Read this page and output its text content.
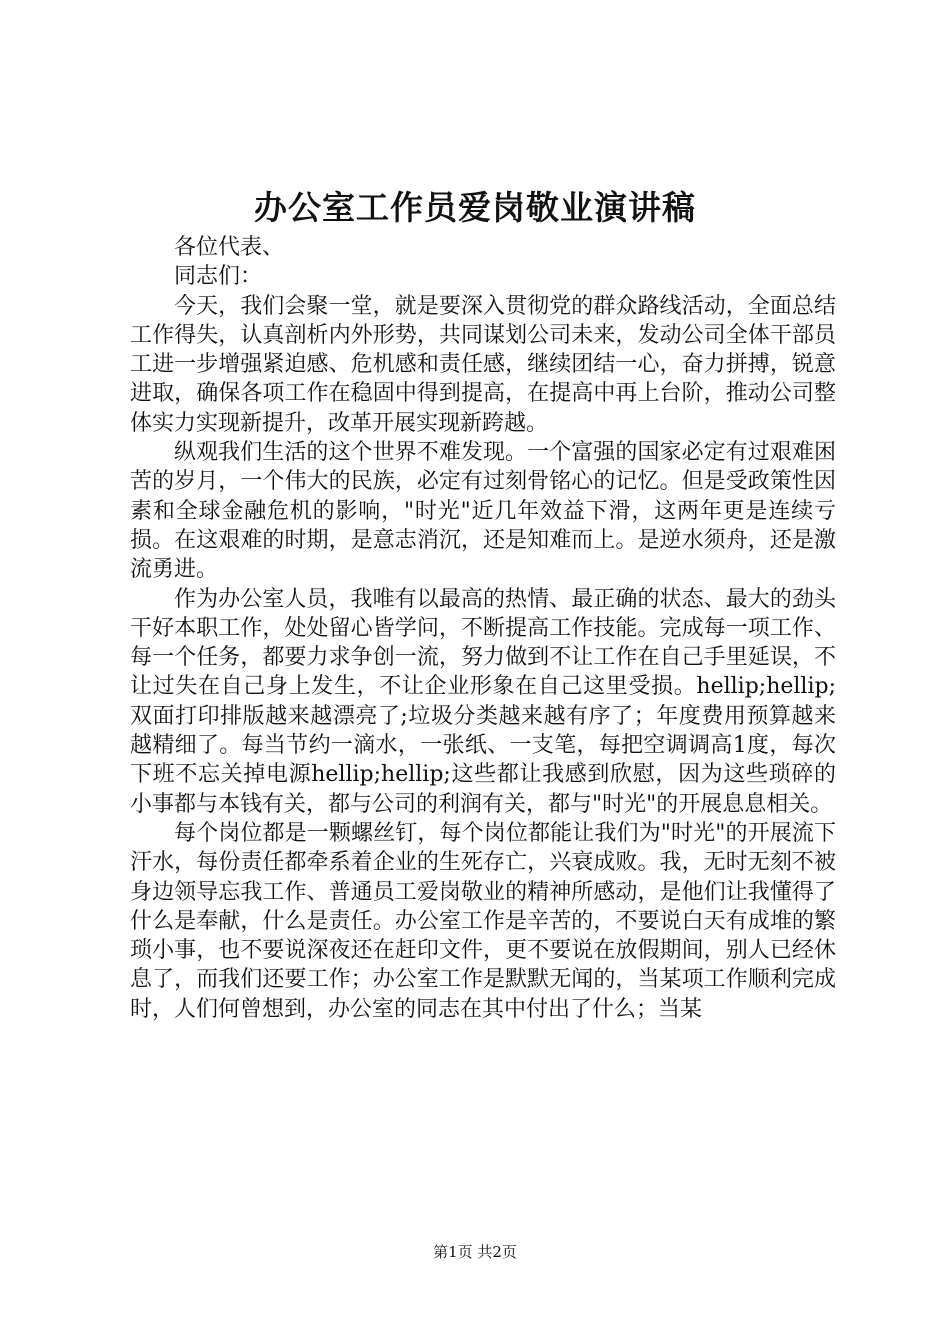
办公室工作员爱岗敬业演讲稿

各位代表、

同志们：

今天，我们会聚一堂，就是要深入贯彻党的群众路线活动，全面总结工作得失，认真剖析内外形势，共同谋划公司未来，发动公司全体干部员工进一步增强紧迫感、危机感和责任感，继续团结一心，奋力拼搏，锐意进取，确保各项工作在稳固中得到提高，在提高中再上台阶，推动公司整体实力实现新提升，改革开展实现新跨越。

纵观我们生活的这个世界不难发现。一个富强的国家必定有过艰难困苦的岁月，一个伟大的民族，必定有过刻骨铭心的记忆。但是受政策性因素和全球金融危机的影响，"时光"近几年效益下滑，这两年更是连续亏损。在这艰难的时期，是意志消沉，还是知难而上。是逆水须舟，还是激流勇进。

作为办公室人员，我唯有以最高的热情、最正确的状态、最大的劲头干好本职工作，处处留心皆学问，不断提高工作技能。完成每一项工作、每一个任务，都要力求争创一流，努力做到不让工作在自己手里延误，不让过失在自己身上发生，不让企业形象在自己这里受损。hellip;hellip;双面打印排版越来越漂亮了;垃圾分类越来越有序了；年度费用预算越来越精细了。每当节约一滴水，一张纸、一支笔，每把空调调高1度，每次下班不忘关掉电源hellip;hellip;这些都让我感到欣慰，因为这些琐碎的小事都与本钱有关，都与公司的利润有关，都与"时光"的开展息息相关。

每个岗位都是一颗螺丝钉，每个岗位都能让我们为"时光"的开展流下汗水，每份责任都牵系着企业的生死存亡，兴衰成败。我，无时无刻不被身边领导忘我工作、普通员工爱岗敬业的精神所感动，是他们让我懂得了什么是奉献，什么是责任。办公室工作是辛苦的，不要说白天有成堆的繁琐小事，也不要说深夜还在赶印文件，更不要说在放假期间，别人已经休息了，而我们还要工作；办公室工作是默默无闻的，当某项工作顺利完成时，人们何曾想到，办公室的同志在其中付出了什么；当某

第1页 共2页
